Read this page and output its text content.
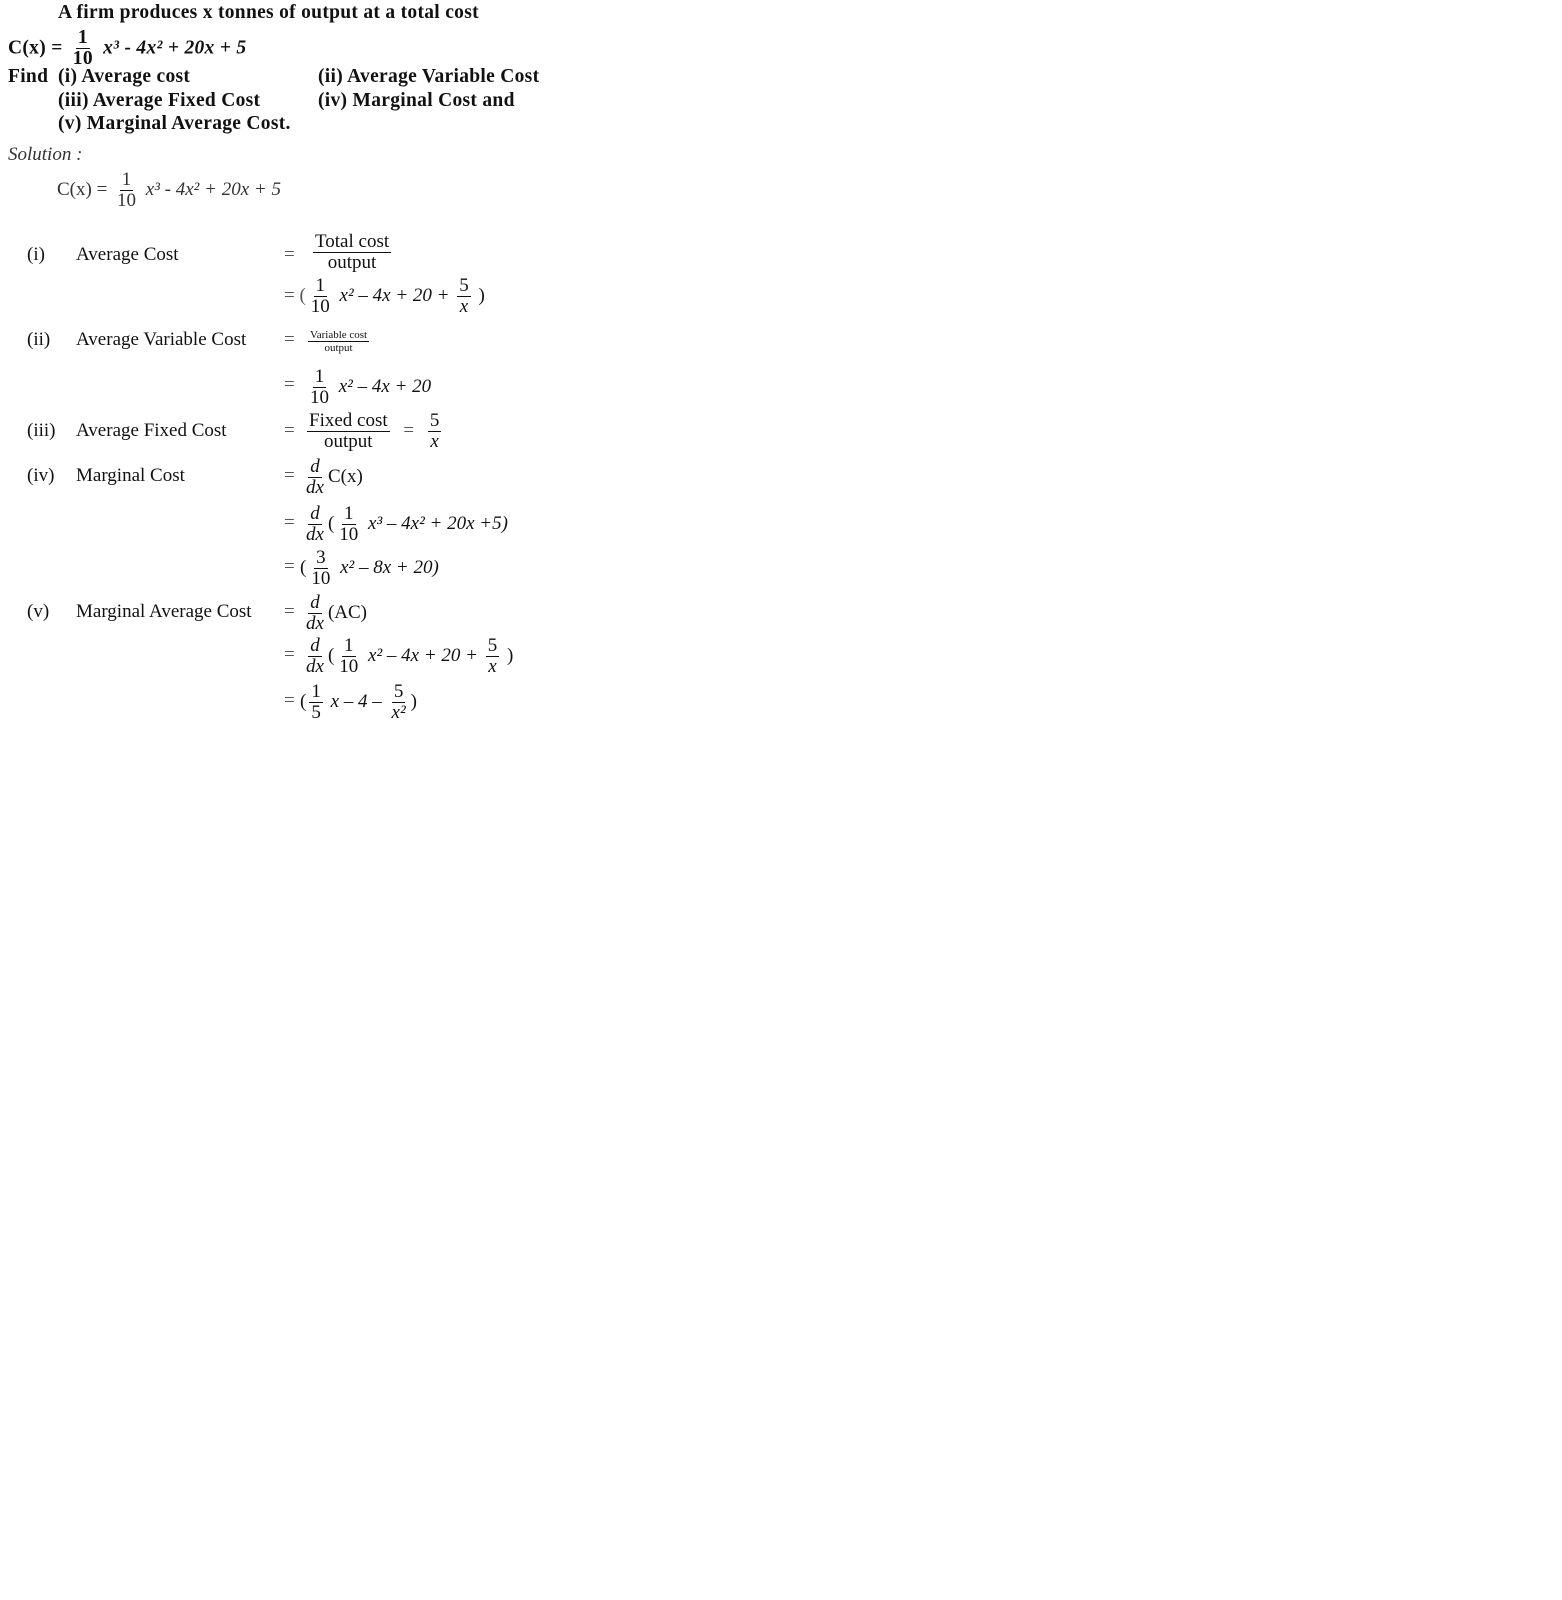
A firm produces x tonnes of output at a total cost
$C(x) = \frac{1}{10} x^3 - 4x^2 + 20x + 5$
Find (i) Average cost	(ii) Average Variable Cost
(iii) Average Fixed Cost	(iv) Marginal Cost and
(v) Marginal Average Cost.
Solution :
$C(x) = \frac{1}{10} x^3 - 4x^2 + 20x + 5$
(i) Average Cost	= $\frac{\text{Total cost}}{\text{output}}$
= ( $\frac{1}{10} x^2 - 4x + 20 + \frac{5}{x}$ )
(ii) Average Variable Cost = $\frac{\text{Variable cost}}{\text{output}}$
= $\frac{1}{10} x^2 - 4x + 20$
(iii) Average Fixed Cost	= $\frac{\text{Fixed cost}}{\text{output}} = \frac{5}{x}$
(iv) Marginal Cost	= $\frac{d}{dx} C(x)$
= $\frac{d}{dx}$ ( $\frac{1}{10} x^3 - 4x^2 + 20x +5$)
= ( $\frac{3}{10} x^2 - 8x + 20$)
(v) Marginal Average Cost = $\frac{d}{dx} (AC)$
= $\frac{d}{dx}$ ( $\frac{1}{10} x^2 - 4x + 20 + \frac{5}{x}$ )
= ( $\frac{1}{5}$ x – $4 - \frac{5}{\text{x²}}$ )
